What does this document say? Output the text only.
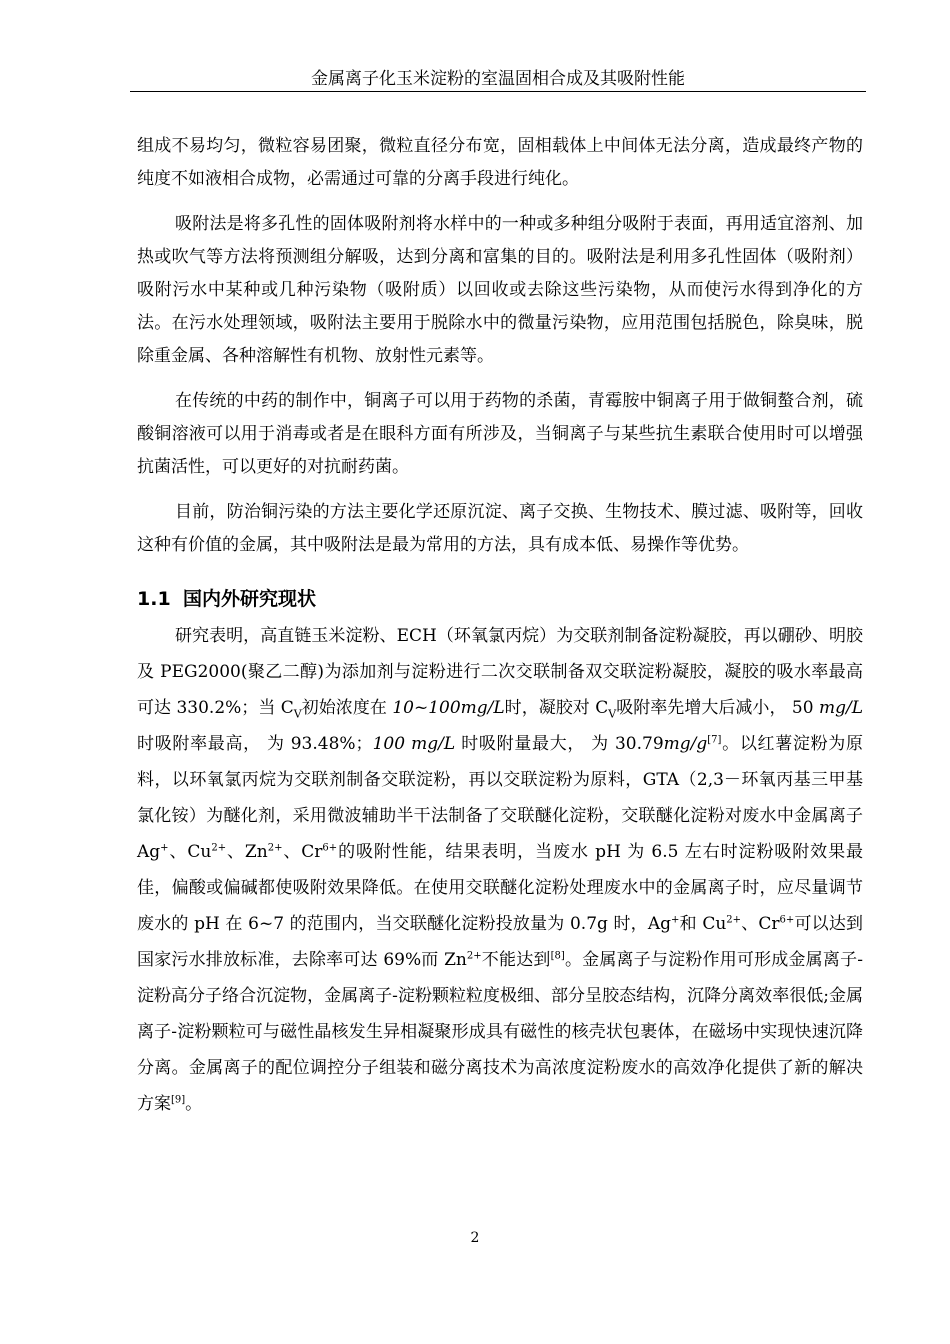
金属离子化玉米淀粉的室温固相合成及其吸附性能

组成不易均匀，微粒容易团聚，微粒直径分布宽，固相载体上中间体无法分离，造成最终产物的纯度不如液相合成物，必需通过可靠的分离手段进行纯化。

吸附法是将多孔性的固体吸附剂将水样中的一种或多种组分吸附于表面，再用适宜溶剂、加热或吹气等方法将预测组分解吸，达到分离和富集的目的。吸附法是利用多孔性固体（吸附剂）吸附污水中某种或几种污染物（吸附质）以回收或去除这些污染物，从而使污水得到净化的方法。在污水处理领域，吸附法主要用于脱除水中的微量污染物，应用范围包括脱色，除臭味，脱除重金属、各种溶解性有机物、放射性元素等。

在传统的中药的制作中，铜离子可以用于药物的杀菌，青霉胺中铜离子用于做铜螯合剂，硫酸铜溶液可以用于消毒或者是在眼科方面有所涉及，当铜离子与某些抗生素联合使用时可以增强抗菌活性，可以更好的对抗耐药菌。

目前，防治铜污染的方法主要化学还原沉淀、离子交换、生物技术、膜过滤、吸附等，回收这种有价值的金属，其中吸附法是最为常用的方法，具有成本低、易操作等优势。

1.1 国内外研究现状

研究表明，高直链玉米淀粉、ECH（环氧氯丙烷）为交联剂制备淀粉凝胶，再以硼砂、明胶及 PEG2000(聚乙二醇)为添加剂与淀粉进行二次交联制备双交联淀粉凝胶，凝胶的吸水率最高可达 330.2%；当 $C_V$初始浓度在 10~100mg/L时，凝胶对 $C_V$吸附率先增大后减小， 50 mg/L 时吸附率最高， 为 93.48%；100 mg/L 时吸附量最大， 为 30.79mg/g[7]。以红薯淀粉为原料，以环氧氯丙烷为交联剂制备交联淀粉，再以交联淀粉为原料，GTA（2,3－环氧丙基三甲基氯化铵）为醚化剂，采用微波辅助半干法制备了交联醚化淀粉，交联醚化淀粉对废水中金属离子 Ag+、$Cu^{2+}$、$Zn^{2+}$、$Cr^{6+}$的吸附性能，结果表明，当废水 pH 为 6.5 左右时淀粉吸附效果最佳，偏酸或偏碱都使吸附效果降低。在使用交联醚化淀粉处理废水中的金属离子时，应尽量调节废水的 pH 在 6~7 的范围内，当交联醚化淀粉投放量为 0.7g 时，Ag+和 $Cu^{2+}$、$Cr^{6+}$可以达到国家污水排放标准，去除率可达 69%而 $Zn^{2+}$不能达到[8]。金属离子与淀粉作用可形成金属离子-淀粉高分子络合沉淀物，金属离子-淀粉颗粒粒度极细、部分呈胶态结构，沉降分离效率很低;金属离子-淀粉颗粒可与磁性晶核发生异相凝聚形成具有磁性的核壳状包裹体，在磁场中实现快速沉降分离。金属离子的配位调控分子组装和磁分离技术为高浓度淀粉废水的高效净化提供了新的解决方案[9]。

2
